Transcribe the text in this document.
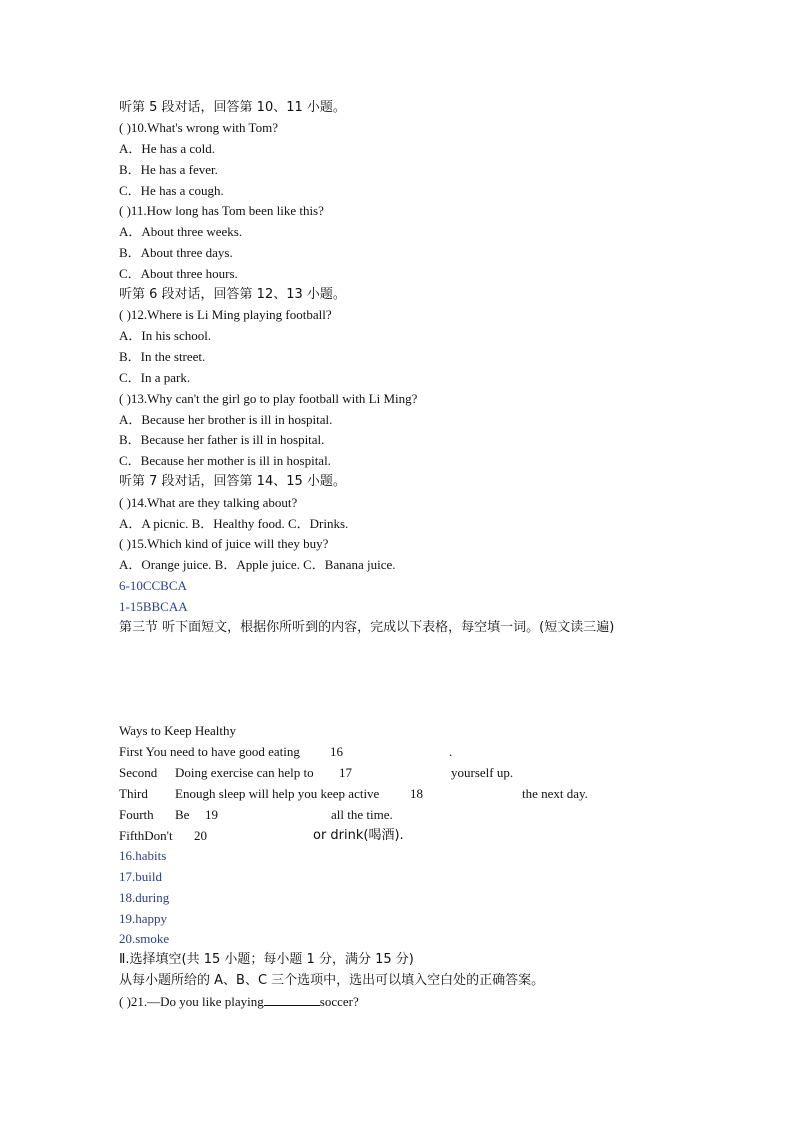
听第 5 段对话，回答第 10、11 小题。
( )10.What's wrong with Tom?
A．He has a cold.
B．He has a fever.
C．He has a cough.
( )11.How long has Tom been like this?
A．About three weeks.
B．About three days.
C．About three hours.
听第 6 段对话，回答第 12、13 小题。
( )12.Where is Li Ming playing football?
A．In his school.
B．In the street.
C．In a park.
( )13.Why can't the girl go to play football with Li Ming?
A．Because her brother is ill in hospital.
B．Because her father is ill in hospital.
C．Because her mother is ill in hospital.
听第 7 段对话，回答第 14、15 小题。
( )14.What are they talking about?
A．A picnic. B．Healthy food. C．Drinks.
( )15.Which kind of juice will they buy?
A．Orange juice. B．Apple juice. C．Banana juice.
6-10CCBCA
1-15BBCAA
第三节 听下面短文，根据你所听到的内容，完成以下表格，每空填一词。(短文读三遍)
Ways to Keep Healthy
First You need to have good eating 16	.
Second Doing exercise can help to 17	yourself up.
Third Enough sleep will help you keep active 18	the next day.
Fourth Be 19	all the time.
FifthDon't 20	or drink(喝酒).
16.habits
17.build
18.during
19.happy
20.smoke
Ⅱ.选择填空(共 15 小题；每小题 1 分，满分 15 分)
从每小题所给的 A、B、C 三个选项中，选出可以填入空白处的正确答案。
( )21.—Do you like playing	soccer?
